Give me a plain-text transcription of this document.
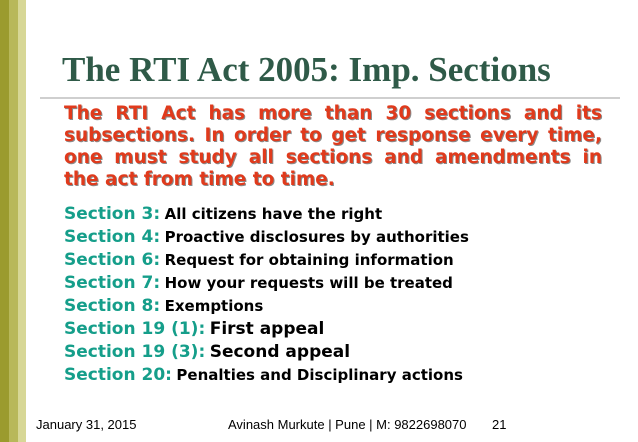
The RTI Act 2005: Imp. Sections
The RTI Act has more than 30 sections and its subsections. In order to get response every time, one must study all sections and amendments in the act from time to time.
Section 3: All citizens have the right
Section 4: Proactive disclosures by authorities
Section 6: Request for obtaining information
Section 7: How your requests will be treated
Section 8: Exemptions
Section 19 (1): First appeal
Section 19 (3): Second appeal
Section 20: Penalties and Disciplinary actions
January 31, 2015	Avinash Murkute | Pune | M: 9822698070 21
